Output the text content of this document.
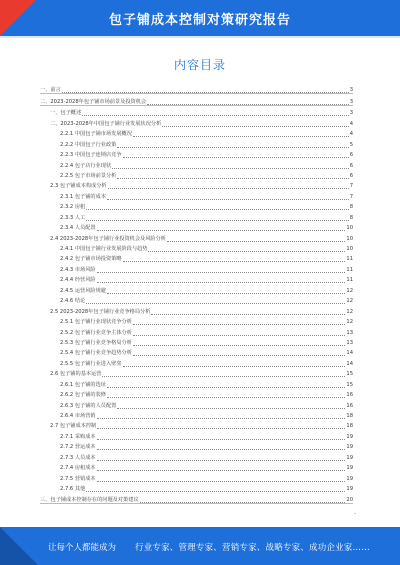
包子铺成本控制对策研究报告
内容目录
一、前言	3
二、2023-2028年包子铺市场前景及投资机会	3
一、包子概述	3
二、2023-2028年中国包子铺行业发展状况分析	4
2.2.1 中国包子铺市场发展概况	4
2.2.2 中国包子行业政策	5
2.2.3 中国包子连锁店竞争	6
2.2.4 包子店行业现状	6
2.2.5 包子市场前景分析	6
2.3 包子铺成本构成分析	7
2.3.1 包子铺的成本	7
2.3.2 房租	8
2.3.3 人工	8
2.3.4 人员配置	10
2.4 2023-2028年包子铺行业投资机会及风险分析	10
2.4.1 中国包子铺行业发展阶段与趋势	10
2.4.2 包子铺市场投资策略	11
2.4.3 市场风险	11
2.4.4 经营风险	11
2.4.5 运营风险规避	12
2.4.6 结论	12
2.5 2023-2028年包子铺行业竞争格局分析	12
2.5.1 包子铺行业现状竞争分析	12
2.5.2 包子铺行业竞争主体分析	13
2.5.3 包子铺行业竞争格局分析	13
2.5.4 包子铺行业竞争趋势分析	14
2.5.5 包子铺行业进入壁垒	14
2.6 包子铺的基本运营	15
2.6.1 包子铺的选址	15
2.6.2 包子铺的装修	16
2.6.3 包子铺的人员配置	16
2.6.4 市场营销	18
2.7 包子铺成本控制	18
2.7.1 采购成本	19
2.7.2 营运成本	19
2.7.3 人员成本	19
2.7.4 房租成本	19
2.7.5 营销成本	19
2.7.6 其他	19
三、包子铺成本控制存在的问题及对策建议	20
-
让每个人都能成为 行业专家、管理专家、营销专家、战略专家、成功企业家……
